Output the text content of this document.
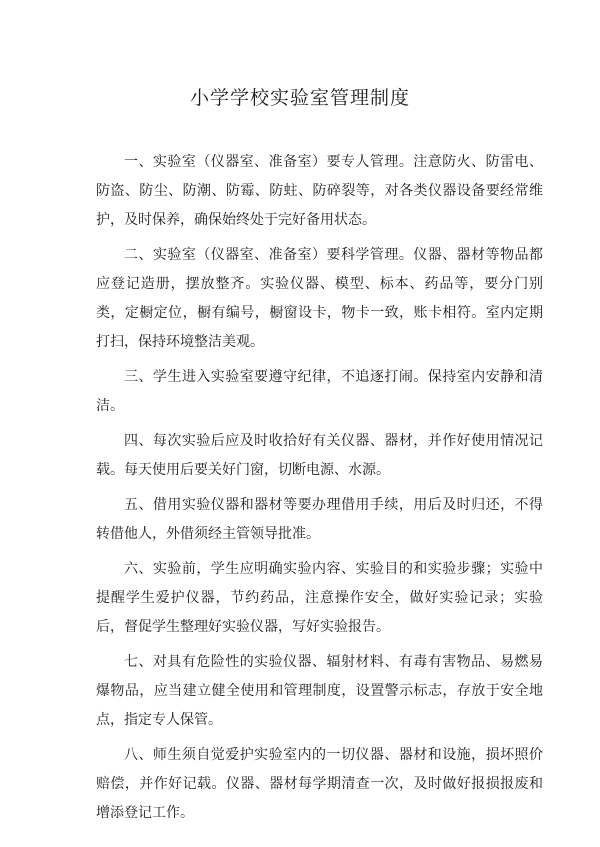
小学学校实验室管理制度

一、实验室（仪器室、准备室）要专人管理。注意防火、防雷电、防盗、防尘、防潮、防霉、防蛀、防碎裂等，对各类仪器设备要经常维护，及时保养，确保始终处于完好备用状态。

二、实验室（仪器室、准备室）要科学管理。仪器、器材等物品都应登记造册，摆放整齐。实验仪器、模型、标本、药品等，要分门别类，定橱定位，橱有编号，橱窗设卡，物卡一致，账卡相符。室内定期打扫，保持环境整洁美观。

三、学生进入实验室要遵守纪律，不追逐打闹。保持室内安静和清洁。

四、每次实验后应及时收拾好有关仪器、器材，并作好使用情况记载。每天使用后要关好门窗，切断电源、水源。

五、借用实验仪器和器材等要办理借用手续，用后及时归还，不得转借他人，外借须经主管领导批准。

六、实验前，学生应明确实验内容、实验目的和实验步骤；实验中提醒学生爱护仪器，节约药品，注意操作安全，做好实验记录；实验后，督促学生整理好实验仪器，写好实验报告。

七、对具有危险性的实验仪器、辐射材料、有毒有害物品、易燃易爆物品，应当建立健全使用和管理制度，设置警示标志，存放于安全地点，指定专人保管。

八、师生须自觉爱护实验室内的一切仪器、器材和设施，损坏照价赔偿，并作好记载。仪器、器材每学期清查一次，及时做好报损报废和增添登记工作。
